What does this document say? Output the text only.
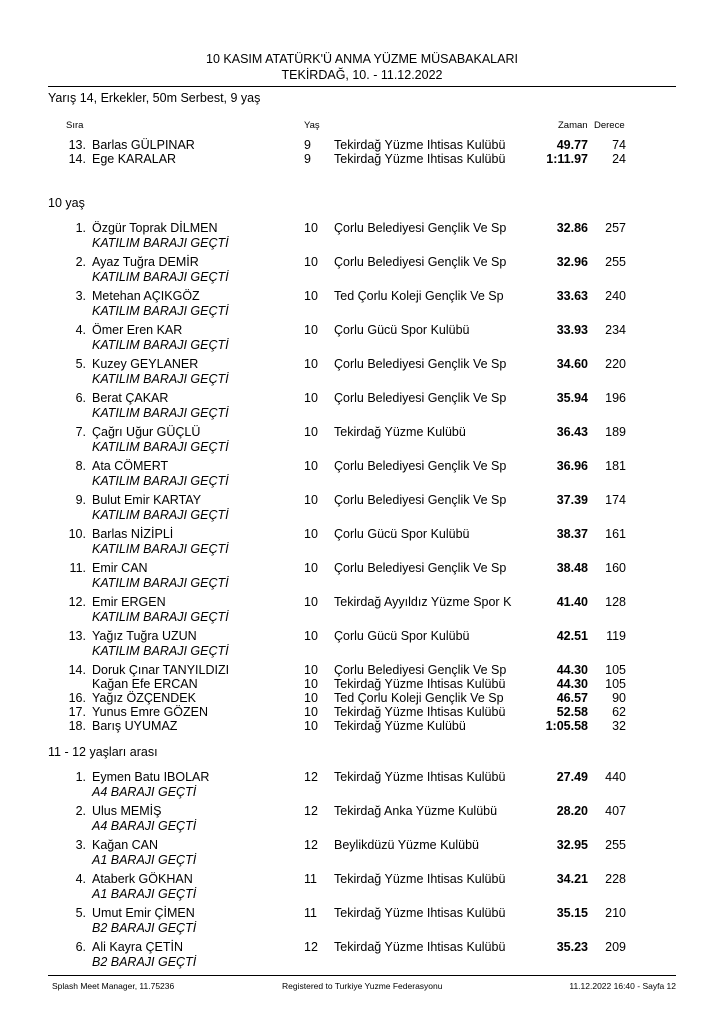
10 KASIM ATATÜRK'Ü ANMA YÜZME MÜSABAKALARI
TEKİRDAĞ, 10. - 11.12.2022
Yarış 14, Erkekler, 50m Serbest, 9 yaş
Sıra	Yaş	Zaman Derece
13. Barlas GÜLPINAR	9 Tekirdağ Yüzme Ihtisas Kulübü	49.77 74
14. Ege KARALAR	9 Tekirdağ Yüzme Ihtisas Kulübü	1:11.97 24
10 yaş
1. Özgür Toprak DİLMEN	10 Çorlu Belediyesi Gençlik Ve Sp	32.86 257
KATILIM BARAJI GEÇTİ
2. Ayaz Tuğra DEMİR	10 Çorlu Belediyesi Gençlik Ve Sp	32.96 255
KATILIM BARAJI GEÇTİ
3. Metehan AÇIKGÖZ	10 Ted Çorlu Koleji Gençlik Ve Sp	33.63 240
KATILIM BARAJI GEÇTİ
4. Ömer Eren KAR	10 Çorlu Gücü Spor Kulübü	33.93 234
KATILIM BARAJI GEÇTİ
5. Kuzey GEYLANER	10 Çorlu Belediyesi Gençlik Ve Sp	34.60 220
KATILIM BARAJI GEÇTİ
6. Berat ÇAKAR	10 Çorlu Belediyesi Gençlik Ve Sp	35.94 196
KATILIM BARAJI GEÇTİ
7. Çağrı Uğur GÜÇLÜ	10 Tekirdağ Yüzme Kulübü	36.43 189
KATILIM BARAJI GEÇTİ
8. Ata CÖMERT	10 Çorlu Belediyesi Gençlik Ve Sp	36.96 181
KATILIM BARAJI GEÇTİ
9. Bulut Emir KARTAY	10 Çorlu Belediyesi Gençlik Ve Sp	37.39 174
KATILIM BARAJI GEÇTİ
10. Barlas NİZİPLİ	10 Çorlu Gücü Spor Kulübü	38.37 161
KATILIM BARAJI GEÇTİ
11. Emir CAN	10 Çorlu Belediyesi Gençlik Ve Sp	38.48 160
KATILIM BARAJI GEÇTİ
12. Emir ERGEN	10 Tekirdağ Ayyıldız Yüzme Spor K	41.40 128
KATILIM BARAJI GEÇTİ
13. Yağız Tuğra UZUN	10 Çorlu Gücü Spor Kulübü	42.51 119
KATILIM BARAJI GEÇTİ
14. Doruk Çınar TANYILDIZI	10 Çorlu Belediyesi Gençlik Ve Sp	44.30 105
Kağan Efe ERCAN	10 Tekirdağ Yüzme Ihtisas Kulübü	44.30 105
16. Yağız ÖZÇENDEK	10 Ted Çorlu Koleji Gençlik Ve Sp	46.57 90
17. Yunus Emre GÖZEN	10 Tekirdağ Yüzme Ihtisas Kulübü	52.58 62
18. Barış UYUMAZ	10 Tekirdağ Yüzme Kulübü	1:05.58 32
11 - 12 yaşları arası
1. Eymen Batu IBOLAR	12 Tekirdağ Yüzme Ihtisas Kulübü	27.49 440
A4 BARAJI GEÇTİ
2. Ulus MEMİŞ	12 Tekirdağ Anka Yüzme Kulübü	28.20 407
A4 BARAJI GEÇTİ
3. Kağan CAN	12 Beylikdüzü Yüzme Kulübü	32.95 255
A1 BARAJI GEÇTİ
4. Ataberk GÖKHAN	11 Tekirdağ Yüzme Ihtisas Kulübü	34.21 228
A1 BARAJI GEÇTİ
5. Umut Emir ÇİMEN	11 Tekirdağ Yüzme Ihtisas Kulübü	35.15 210
B2 BARAJI GEÇTİ
6. Ali Kayra ÇETİN	12 Tekirdağ Yüzme Ihtisas Kulübü	35.23 209
B2 BARAJI GEÇTİ
Splash Meet Manager, 11.75236	Registered to Turkiye Yuzme Federasyonu	11.12.2022 16:40 - Sayfa 12
